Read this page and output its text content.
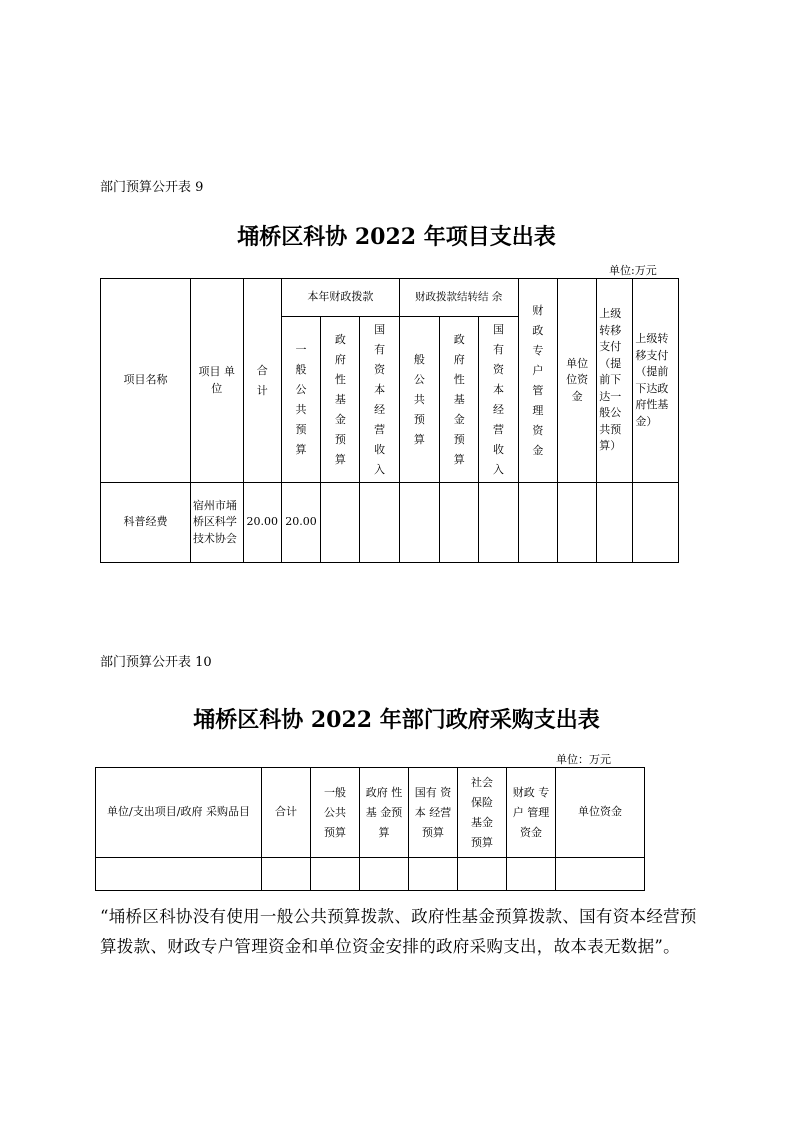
部门预算公开表 9
埇桥区科协 2022 年项目支出表
单位:万元
项目名称	项目 单位	合计	本年财政拨款			财政拨款结转结 余			财政专户管理资金	单位 位资 金	上级 转移 支付（提 前下 达一般公 共预 算）	上级转 移支付（提前 下达政 府性基 金）
			一般公共预算	政府性基金预算	国有资本经营收入	般公共预算	政府性基金预算	国有资本经营收入				
科普经费	宿州市埇桥区科学技术协会	20.00	20.00									
部门预算公开表 10
埇桥区科协 2022 年部门政府采购支出表
单位：万元
单位/支出项目/政府 采购品目	合计	一般公共预算	政府 性基 金预 算	国有 资本 经营 预算	社会保险基金预算	财政 专户 管理 资金	单位资金

“埇桥区科协没有使用一般公共预算拨款、政府性基金预算拨款、国有资本经营预算拨款、财政专户管理资金和单位资金安排的政府采购支出，故本表无数据”。
